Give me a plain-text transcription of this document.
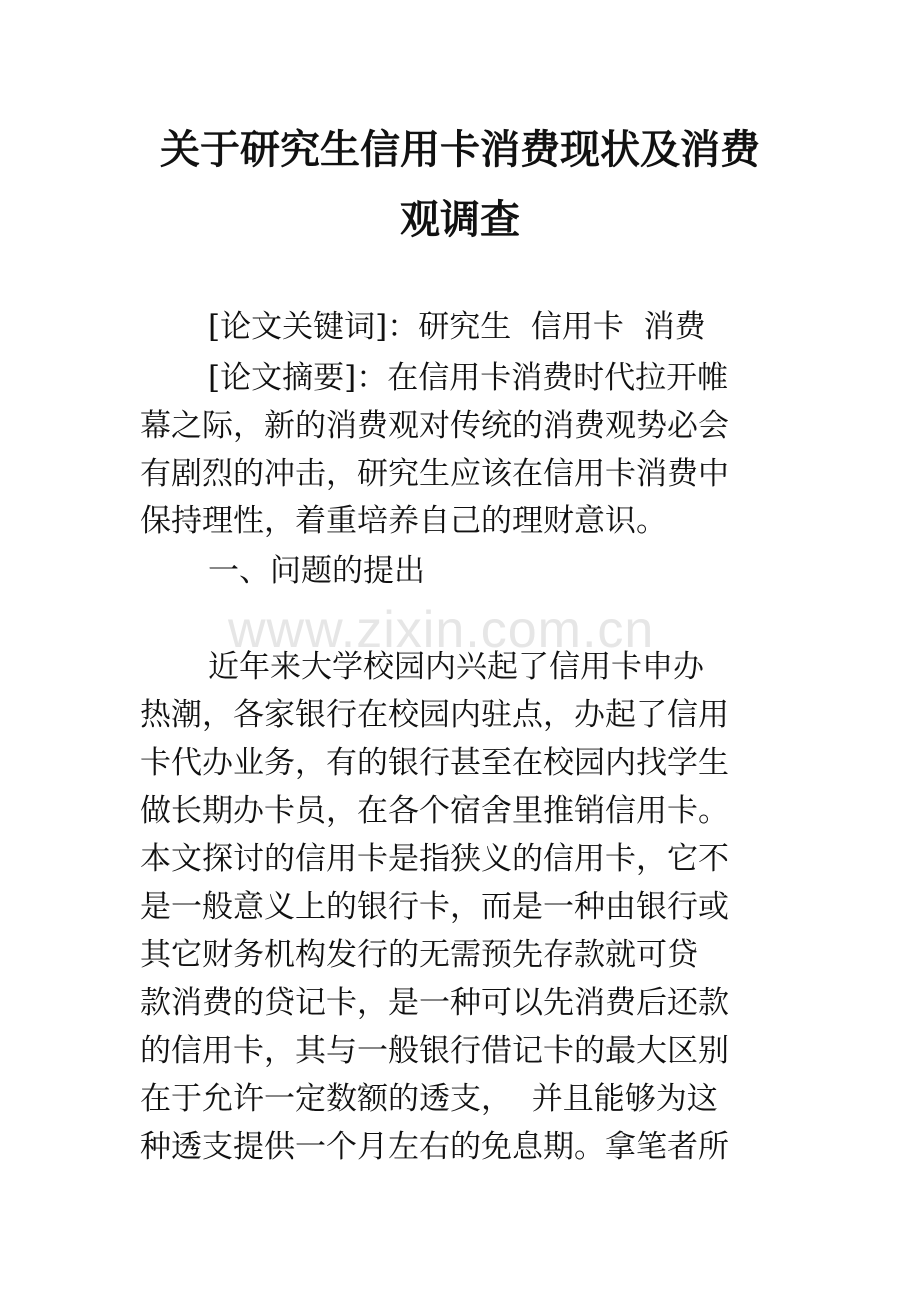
关于研究生信用卡消费现状及消费
观调查
[论文关键词]：研究生  信用卡  消费
[论文摘要]：在信用卡消费时代拉开帷
幕之际，新的消费观对传统的消费观势必会
有剧烈的冲击，研究生应该在信用卡消费中
保持理性，着重培养自己的理财意识。
一、问题的提出
www.zixin.com.cn
近年来大学校园内兴起了信用卡申办
热潮，各家银行在校园内驻点，办起了信用
卡代办业务，有的银行甚至在校园内找学生
做长期办卡员，在各个宿舍里推销信用卡。
本文探讨的信用卡是指狭义的信用卡，它不
是一般意义上的银行卡，而是一种由银行或
其它财务机构发行的无需预先存款就可贷
款消费的贷记卡，是一种可以先消费后还款
的信用卡，其与一般银行借记卡的最大区别
在于允许一定数额的透支，  并且能够为这
种透支提供一个月左右的免息期。拿笔者所
